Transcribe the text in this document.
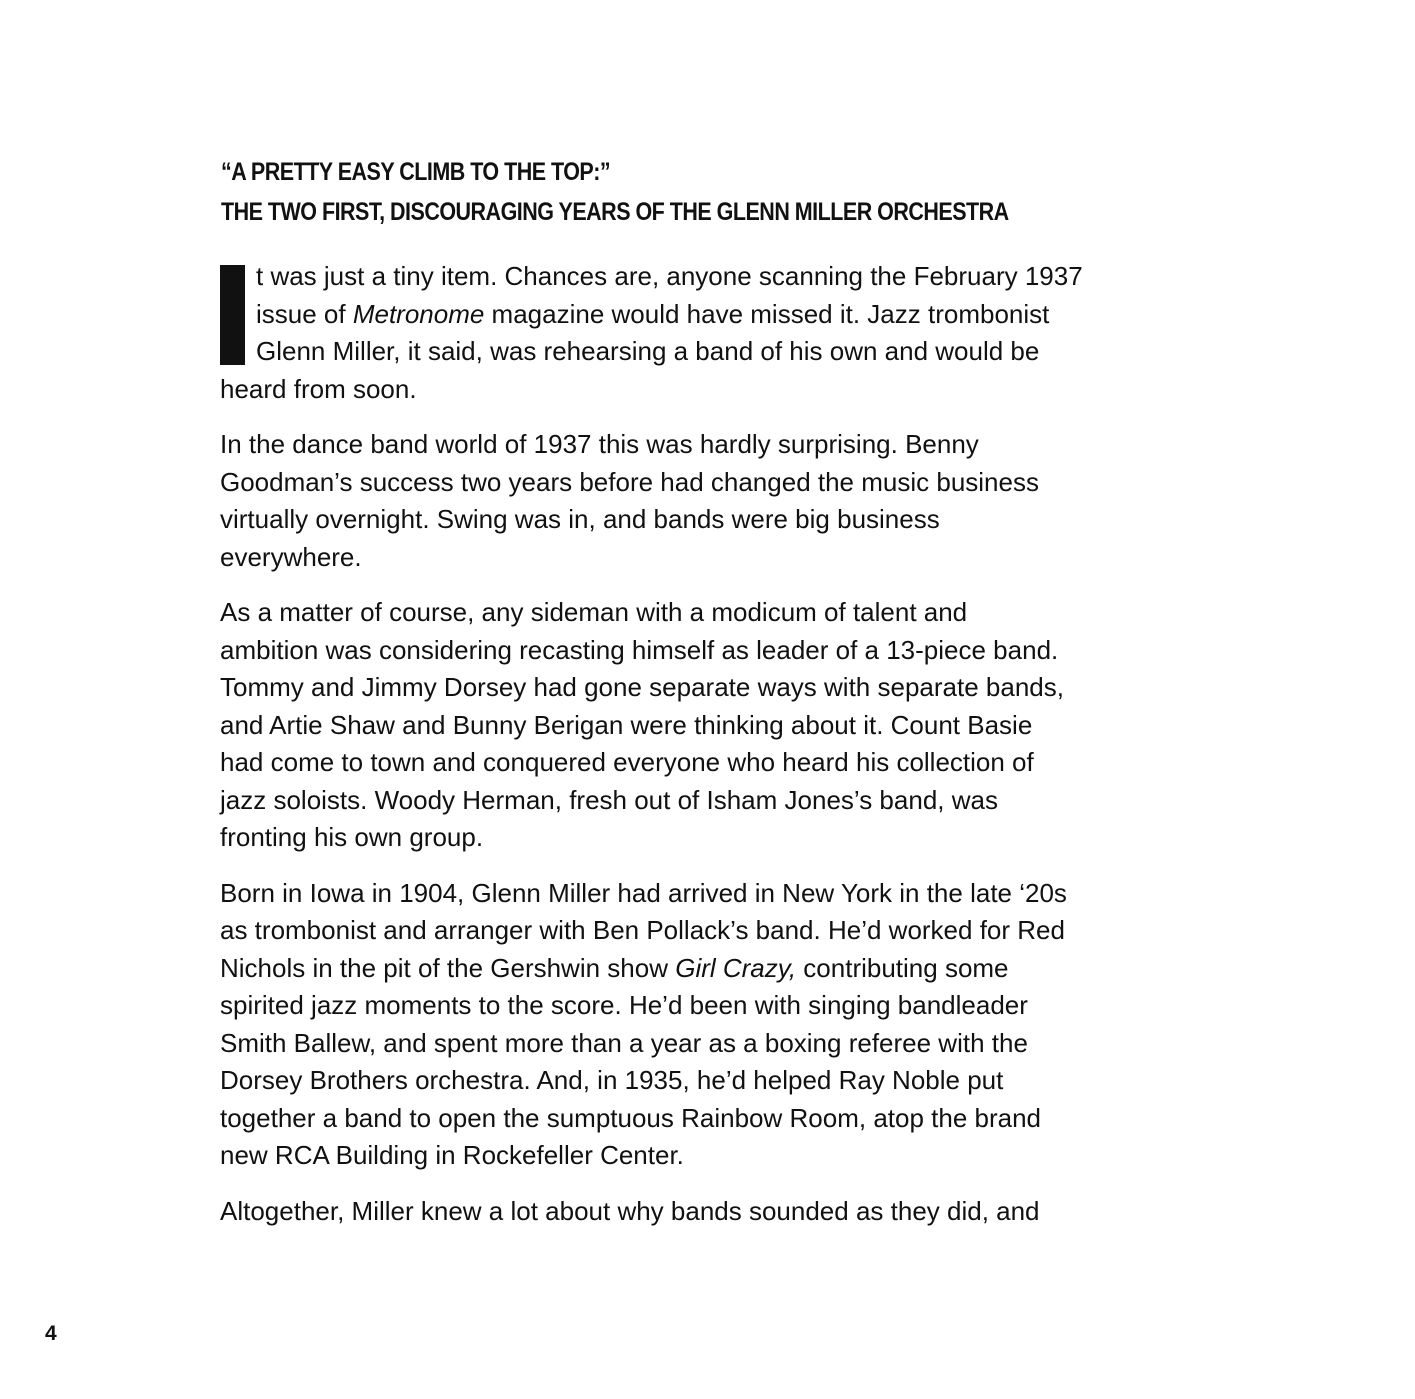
“A PRETTY EASY CLIMB TO THE TOP:”
THE TWO FIRST, DISCOURAGING YEARS OF THE GLENN MILLER ORCHESTRA

t was just a tiny item. Chances are, anyone scanning the February 1937
issue of Metronome magazine would have missed it. Jazz trombonist
Glenn Miller, it said, was rehearsing a band of his own and would be
heard from soon.

In the dance band world of 1937 this was hardly surprising. Benny
Goodman’s success two years before had changed the music business
virtually overnight. Swing was in, and bands were big business
everywhere.

As a matter of course, any sideman with a modicum of talent and
ambition was considering recasting himself as leader of a 13-piece band.
Tommy and Jimmy Dorsey had gone separate ways with separate bands,
and Artie Shaw and Bunny Berigan were thinking about it. Count Basie
had come to town and conquered everyone who heard his collection of
jazz soloists. Woody Herman, fresh out of Isham Jones’s band, was
fronting his own group.

Born in Iowa in 1904, Glenn Miller had arrived in New York in the late ‘20s
as trombonist and arranger with Ben Pollack’s band. He’d worked for Red
Nichols in the pit of the Gershwin show Girl Crazy, contributing some
spirited jazz moments to the score. He’d been with singing bandleader
Smith Ballew, and spent more than a year as a boxing referee with the
Dorsey Brothers orchestra. And, in 1935, he’d helped Ray Noble put
together a band to open the sumptuous Rainbow Room, atop the brand
new RCA Building in Rockefeller Center.

Altogether, Miller knew a lot about why bands sounded as they did, and

4
